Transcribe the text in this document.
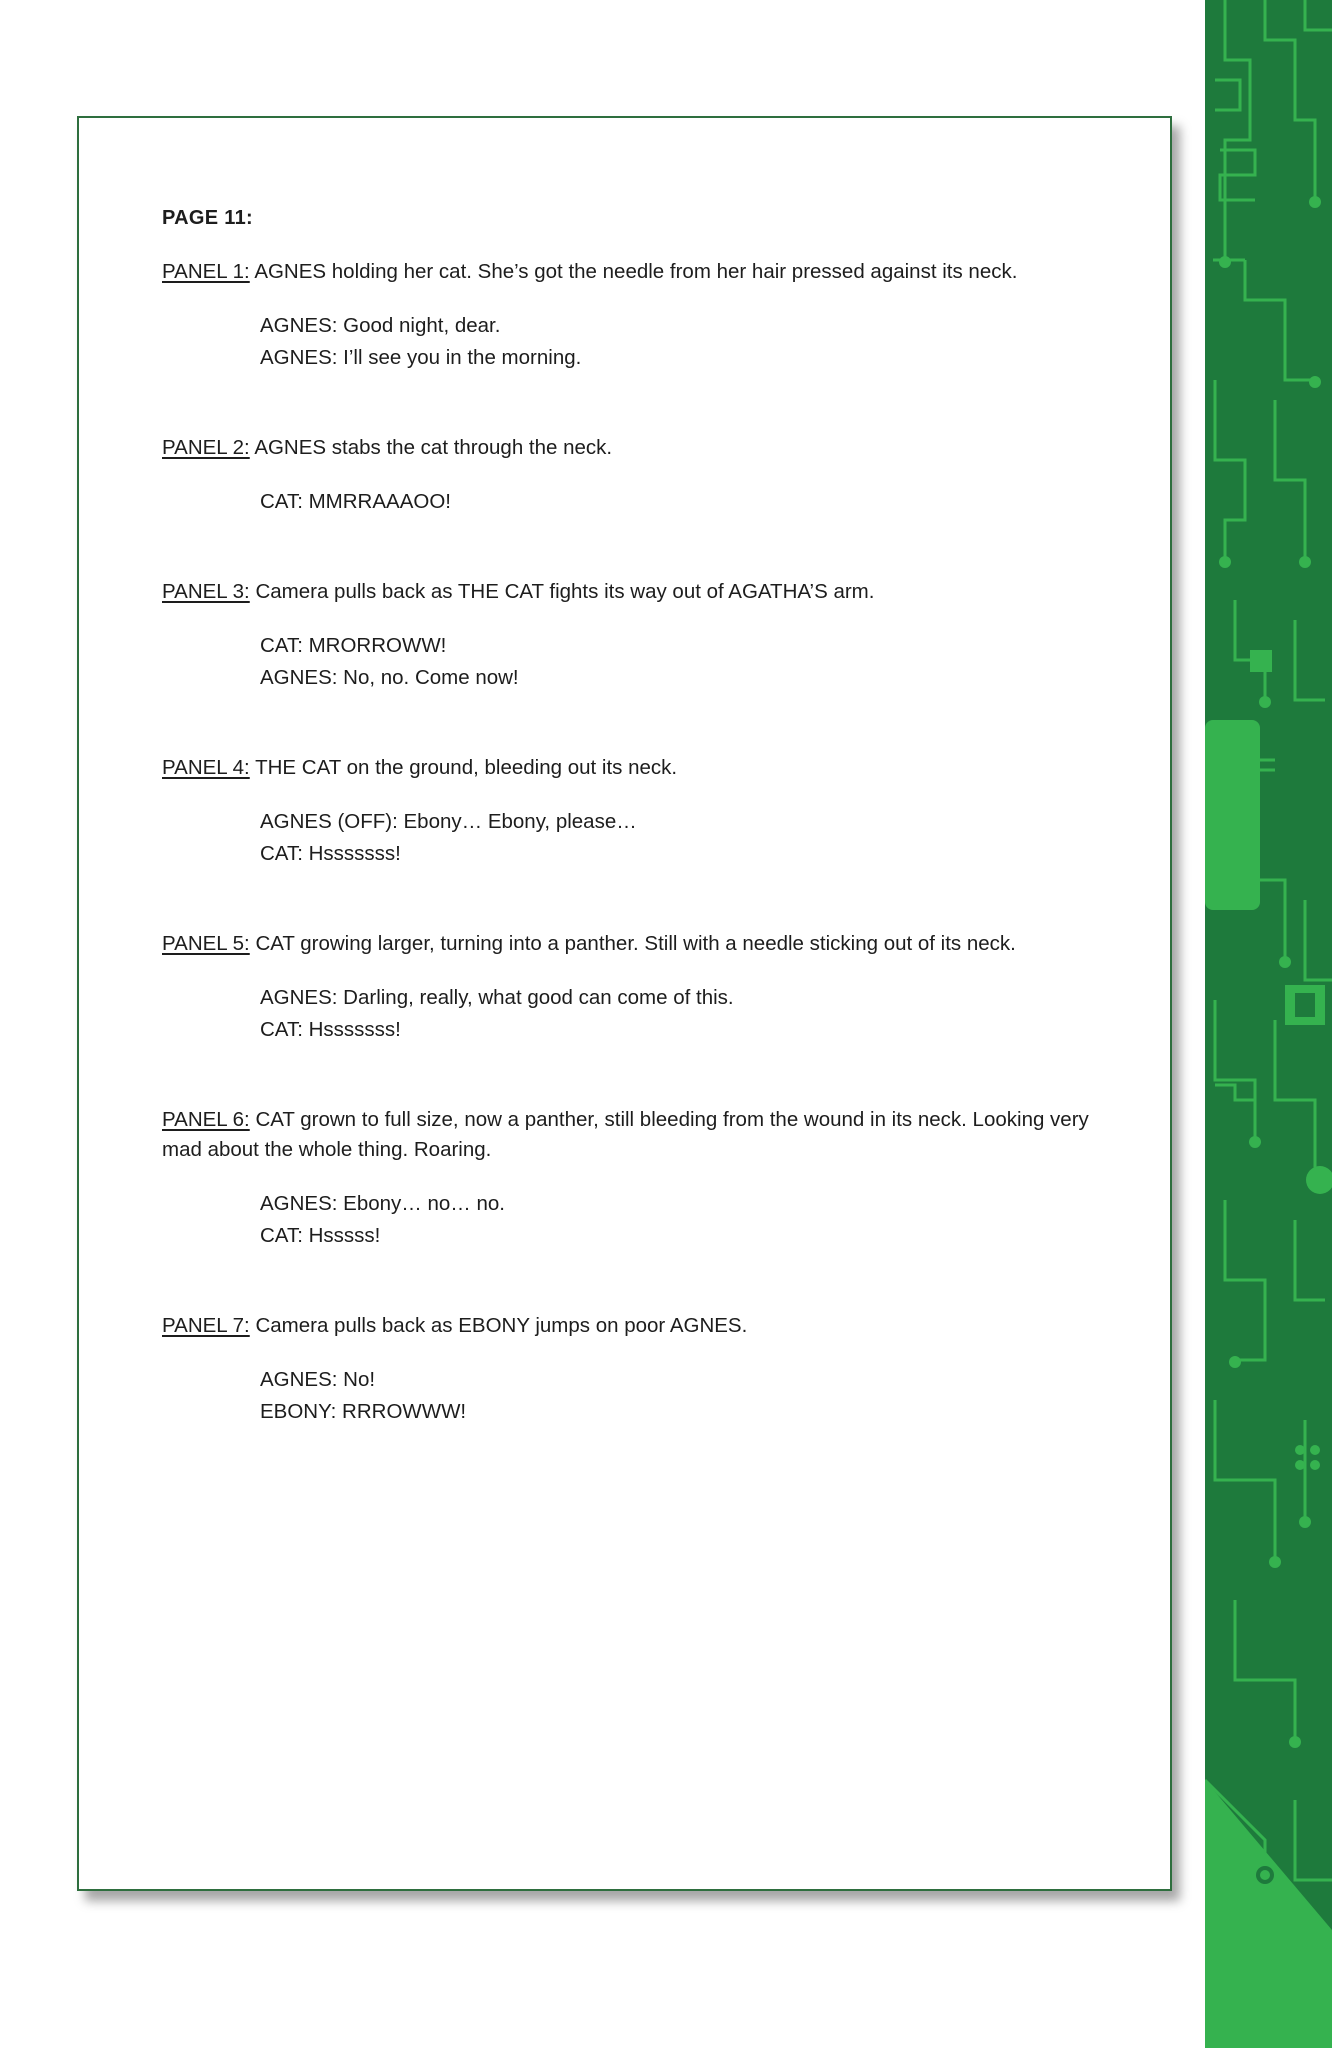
PAGE 11:
PANEL 1: AGNES holding her cat. She’s got the needle from her hair pressed against its neck.
AGNES: Good night, dear.
AGNES: I’ll see you in the morning.
PANEL 2: AGNES stabs the cat through the neck.
CAT: MMRRAAAOO!
PANEL 3: Camera pulls back as THE CAT fights its way out of AGATHA’S arm.
CAT: MRORROWW!
AGNES: No, no. Come now!
PANEL 4: THE CAT on the ground, bleeding out its neck.
AGNES (OFF): Ebony… Ebony, please…
CAT: Hsssssss!
PANEL 5: CAT growing larger, turning into a panther. Still with a needle sticking out of its neck.
AGNES: Darling, really, what good can come of this.
CAT: Hsssssss!
PANEL 6: CAT grown to full size, now a panther, still bleeding from the wound in its neck. Looking very mad about the whole thing. Roaring.
AGNES: Ebony… no… no.
CAT: Hsssss!
PANEL 7: Camera pulls back as EBONY jumps on poor AGNES.
AGNES: No!
EBONY: RRROWWW!
